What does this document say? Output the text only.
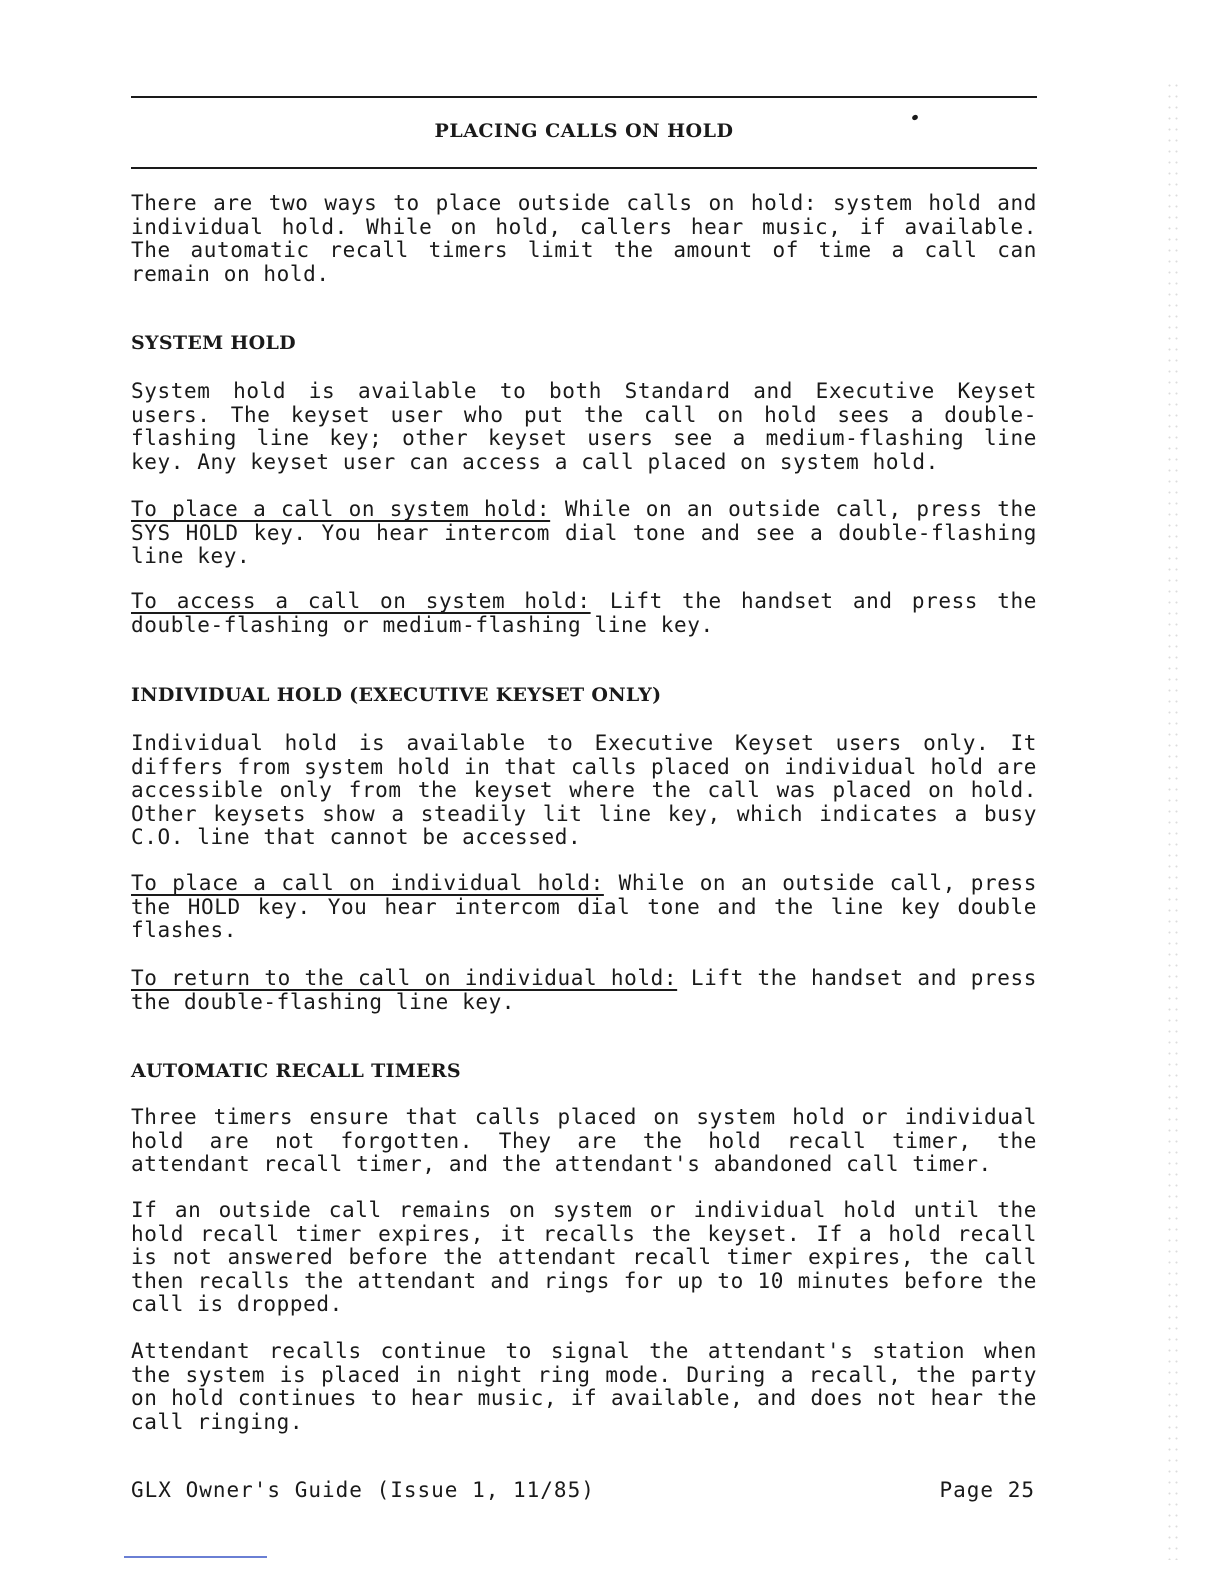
PLACING CALLS ON HOLD

There are two ways to place outside calls on hold: system hold and individual hold. While on hold, callers hear music, if available. The automatic recall timers limit the amount of time a call can remain on hold.

SYSTEM HOLD

System hold is available to both Standard and Executive Keyset users. The keyset user who put the call on hold sees a double-flashing line key; other keyset users see a medium-flashing line key. Any keyset user can access a call placed on system hold.

To place a call on system hold: While on an outside call, press the SYS HOLD key. You hear intercom dial tone and see a double-flashing line key.

To access a call on system hold: Lift the handset and press the double-flashing or medium-flashing line key.

INDIVIDUAL HOLD (EXECUTIVE KEYSET ONLY)

Individual hold is available to Executive Keyset users only. It differs from system hold in that calls placed on individual hold are accessible only from the keyset where the call was placed on hold. Other keysets show a steadily lit line key, which indicates a busy C.O. line that cannot be accessed.

To place a call on individual hold: While on an outside call, press the HOLD key. You hear intercom dial tone and the line key double flashes.

To return to the call on individual hold: Lift the handset and press the double-flashing line key.

AUTOMATIC RECALL TIMERS

Three timers ensure that calls placed on system hold or individual hold are not forgotten. They are the hold recall timer, the attendant recall timer, and the attendant's abandoned call timer.

If an outside call remains on system or individual hold until the hold recall timer expires, it recalls the keyset. If a hold recall is not answered before the attendant recall timer expires, the call then recalls the attendant and rings for up to 10 minutes before the call is dropped.

Attendant recalls continue to signal the attendant's station when the system is placed in night ring mode. During a recall, the party on hold continues to hear music, if available, and does not hear the call ringing.

GLX Owner's Guide (Issue 1, 11/85)	Page 25
